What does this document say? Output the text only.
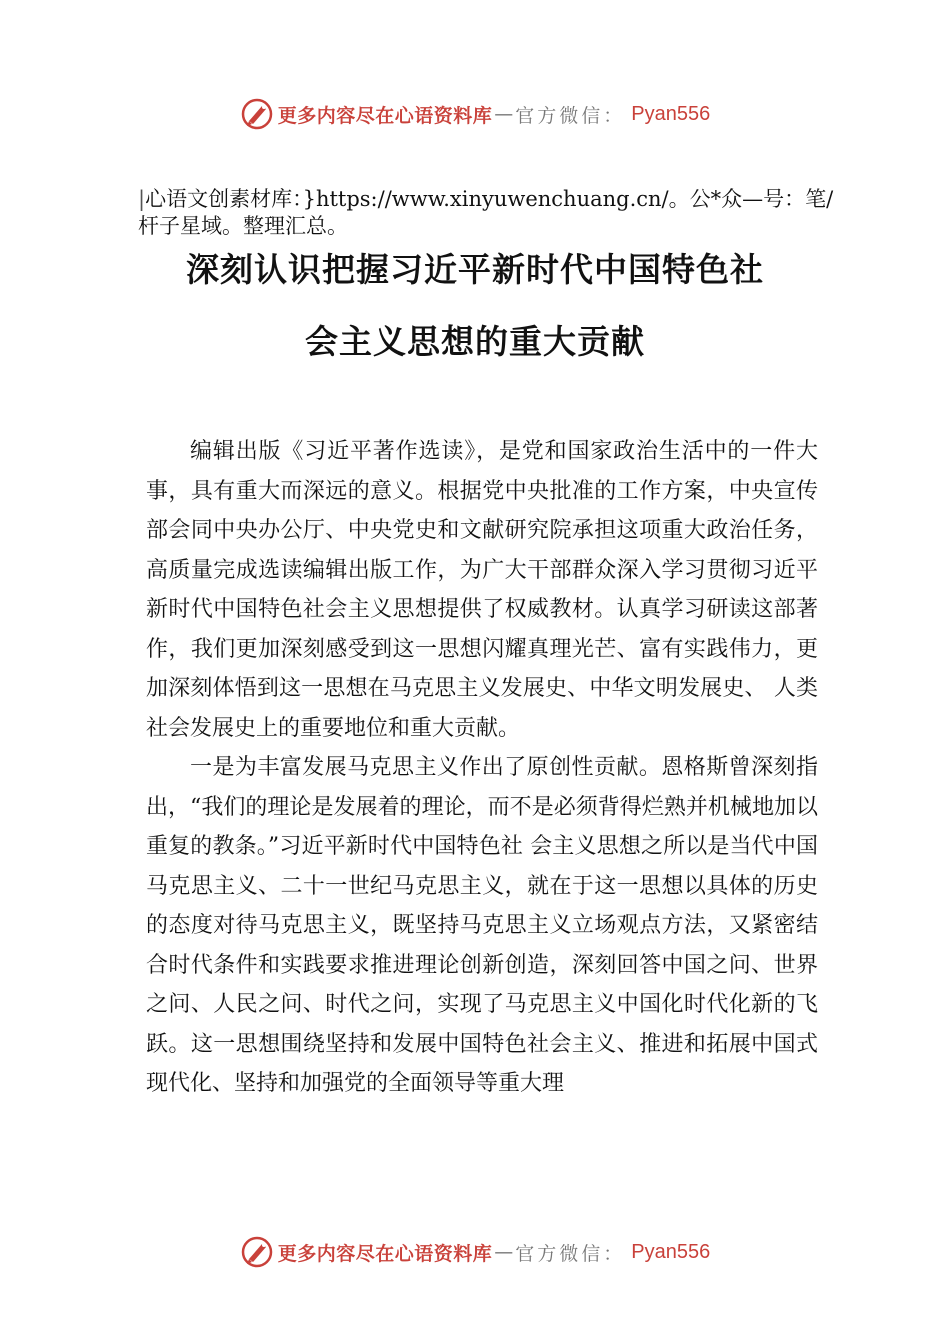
更多内容尽在心语资料库 — 官方微信： Pyan556
|心语文创素材库：}https://www.xinyuwenchuang.cn/。公*众—号：笔/杆子星域。整理汇总。
深刻认识把握习近平新时代中国特色社
会主义思想的重大贡献

编辑出版《习近平著作选读》，是党和国家政治生活中的一件大事，具有重大而深远的意义。根据党中央批准的工作方案，中央宣传部会同中央办公厅、中央党史和文献研究院承担这项重大政治任务，高质量完成选读编辑出版工作，为广大干部群众深入学习贯彻习近平新时代中国特色社会主义思想提供了权威教材。认真学习研读这部著作，我们更加深刻感受到这一思想闪耀真理光芒、富有实践伟力，更加深刻体悟到这一思想在马克思主义发展史、中华文明发展史、 人类社会发展史上的重要地位和重大贡献。

一是为丰富发展马克思主义作出了原创性贡献。恩格斯曾深刻指出，“我们的理论是发展着的理论，而不是必须背得烂熟并机械地加以重复的教条。”习近平新时代中国特色社 会主义思想之所以是当代中国马克思主义、二十一世纪马克思主义，就在于这一思想以具体的历史的态度对待马克思主义，既坚持马克思主义立场观点方法，又紧密结合时代条件和实践要求推进理论创新创造，深刻回答中国之问、世界之问、人民之问、时代之问，实现了马克思主义中国化时代化新的飞跃。这一思想围绕坚持和发展中国特色社会主义、推进和拓展中国式现代化、坚持和加强党的全面领导等重大理

更多内容尽在心语资料库 — 官方微信： Pyan556
